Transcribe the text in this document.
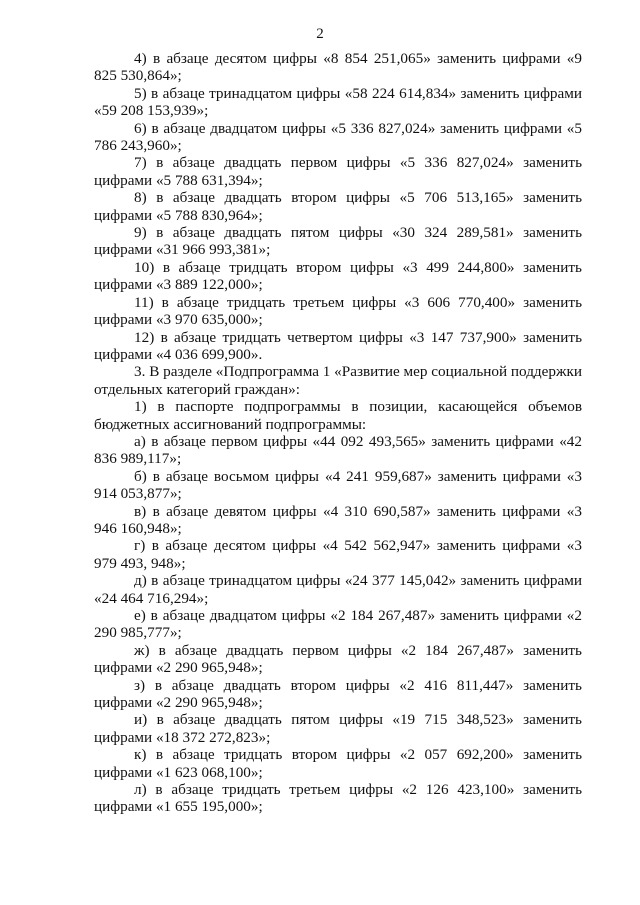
2

4) в абзаце десятом цифры «8 854 251,065» заменить цифрами «9 825 530,864»;

5) в абзаце тринадцатом цифры «58 224 614,834» заменить цифрами «59 208 153,939»;

6) в абзаце двадцатом цифры «5 336 827,024» заменить цифрами «5 786 243,960»;

7) в абзаце двадцать первом цифры «5 336 827,024» заменить цифрами «5 788 631,394»;

8) в абзаце двадцать втором цифры «5 706 513,165» заменить цифрами «5 788 830,964»;

9) в абзаце двадцать пятом цифры «30 324 289,581» заменить цифрами «31 966 993,381»;

10) в абзаце тридцать втором цифры «3 499 244,800» заменить цифрами «3 889 122,000»;

11) в абзаце тридцать третьем цифры «3 606 770,400» заменить цифрами «3 970 635,000»;

12) в абзаце тридцать четвертом цифры «3 147 737,900» заменить цифрами «4 036 699,900».

3. В разделе «Подпрограмма 1 «Развитие мер социальной поддержки отдельных категорий граждан»:

1) в паспорте подпрограммы в позиции, касающейся объемов бюджетных ассигнований подпрограммы:

а) в абзаце первом цифры «44 092 493,565» заменить цифрами «42 836 989,117»;

б) в абзаце восьмом цифры «4 241 959,687» заменить цифрами «3 914 053,877»;

в) в абзаце девятом цифры «4 310 690,587» заменить цифрами «3 946 160,948»;

г) в абзаце десятом цифры «4 542 562,947» заменить цифрами «3 979 493, 948»;

д) в абзаце тринадцатом цифры «24 377 145,042» заменить цифрами «24 464 716,294»;

е) в абзаце двадцатом цифры «2 184 267,487» заменить цифрами «2 290 985,777»;

ж) в абзаце двадцать первом цифры «2 184 267,487» заменить цифрами «2 290 965,948»;

з) в абзаце двадцать втором цифры «2 416 811,447» заменить цифрами «2 290 965,948»;

и) в абзаце двадцать пятом цифры «19 715 348,523» заменить цифрами «18 372 272,823»;

к) в абзаце тридцать втором цифры «2 057 692,200» заменить цифрами «1 623 068,100»;

л) в абзаце тридцать третьем цифры «2 126 423,100» заменить цифрами «1 655 195,000»;
